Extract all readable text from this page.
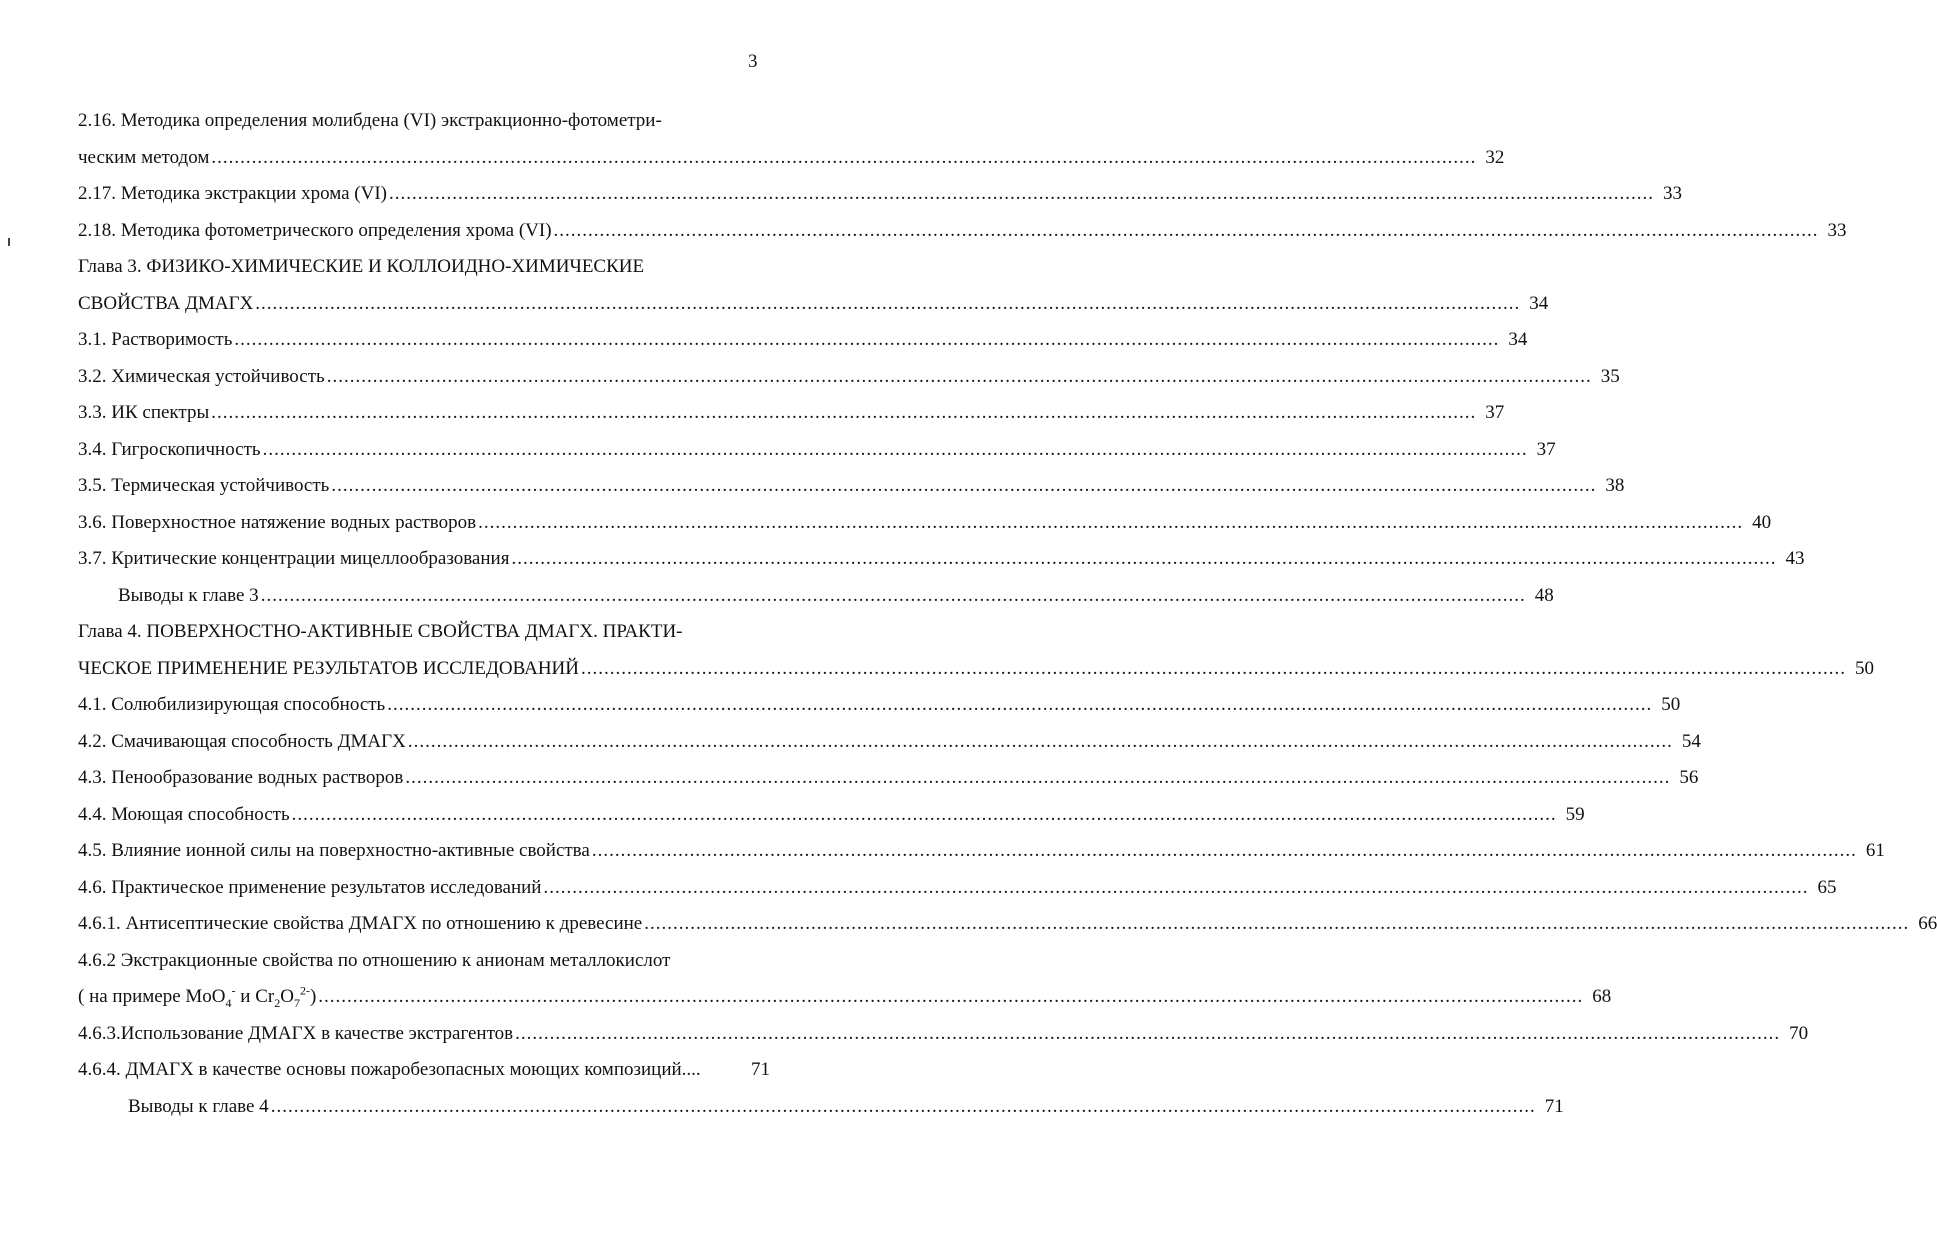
3
2.16. Методика определения молибдена (VI) экстракционно-фотометри-
ческим методом ............................................................................................................................................................................................................................ 32
2.17. Методика экстракции хрома (VI) ............................................................................................................................................................................................................................ 33
2.18. Методика фотометрического определения хрома (VI) ............................................................................................................................................................................................................................ 33
Глава 3. ФИЗИКО-ХИМИЧЕСКИЕ И КОЛЛОИДНО-ХИМИЧЕСКИЕ
СВОЙСТВА ДМАГХ ............................................................................................................................................................................................................................ 34
3.1. Растворимость ............................................................................................................................................................................................................................ 34
3.2. Химическая устойчивость ............................................................................................................................................................................................................................ 35
3.3. ИК спектры ............................................................................................................................................................................................................................ 37
3.4. Гигроскопичность ............................................................................................................................................................................................................................ 37
3.5. Термическая устойчивость ............................................................................................................................................................................................................................ 38
3.6. Поверхностное натяжение водных растворов ............................................................................................................................................................................................................................ 40
3.7. Критические концентрации мицеллообразования ............................................................................................................................................................................................................................ 43
Выводы к главе 3 ............................................................................................................................................................................................................................ 48
Глава 4. ПОВЕРХНОСТНО-АКТИВНЫЕ СВОЙСТВА ДМАГХ. ПРАКТИ-
ЧЕСКОЕ ПРИМЕНЕНИЕ РЕЗУЛЬТАТОВ ИССЛЕДОВАНИЙ ............................................................................................................................................................................................................................ 50
4.1. Солюбилизирующая способность ............................................................................................................................................................................................................................ 50
4.2. Смачивающая способность ДМАГХ ............................................................................................................................................................................................................................ 54
4.3. Пенообразование водных растворов ............................................................................................................................................................................................................................ 56
4.4. Моющая способность ............................................................................................................................................................................................................................ 59
4.5. Влияние ионной силы на поверхностно-активные свойства ............................................................................................................................................................................................................................ 61
4.6. Практическое применение результатов исследований ............................................................................................................................................................................................................................ 65
4.6.1. Антисептические свойства ДМАГХ по отношению к древесине ............................................................................................................................................................................................................................ 66
4.6.2 Экстракционные свойства по отношению к анионам металлокислот
( на примере MoO$_4$- и $Cr_2O_7^{2-}$) ............................................................................................................................................................................................................................ 68
4.6.3.Использование ДМАГХ в качестве экстрагентов ............................................................................................................................................................................................................................ 70
4.6.4. ДМАГХ в качестве основы пожаробезопасных моющих композиций....	71
Выводы к главе 4 ............................................................................................................................................................................................................................ 71
